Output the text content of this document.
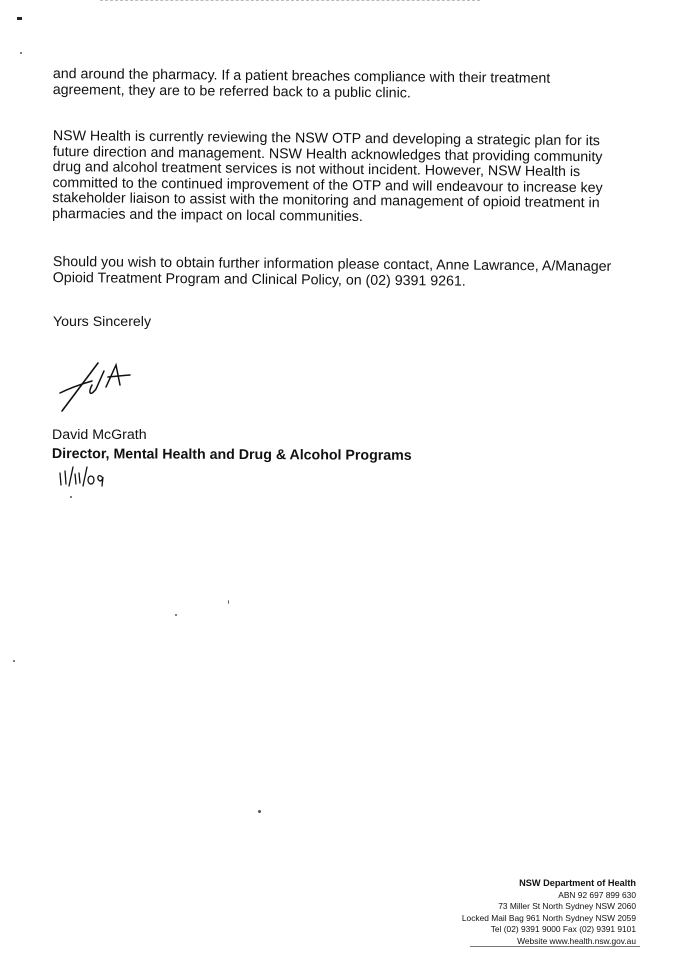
and around the pharmacy. If a patient breaches compliance with their treatment agreement, they are to be referred back to a public clinic.

NSW Health is currently reviewing the NSW OTP and developing a strategic plan for its future direction and management. NSW Health acknowledges that providing community drug and alcohol treatment services is not without incident. However, NSW Health is committed to the continued improvement of the OTP and will endeavour to increase key stakeholder liaison to assist with the monitoring and management of opioid treatment in pharmacies and the impact on local communities.

Should you wish to obtain further information please contact, Anne Lawrance, A/Manager Opioid Treatment Program and Clinical Policy, on (02) 9391 9261.

Yours Sincerely
David McGrath
Director, Mental Health and Drug & Alcohol Programs
NSW Department of Health
ABN 92 697 899 630
73 Miller St North Sydney NSW 2060
Locked Mail Bag 961 North Sydney NSW 2059
Tel (02) 9391 9000 Fax (02) 9391 9101
Website www.health.nsw.gov.au
